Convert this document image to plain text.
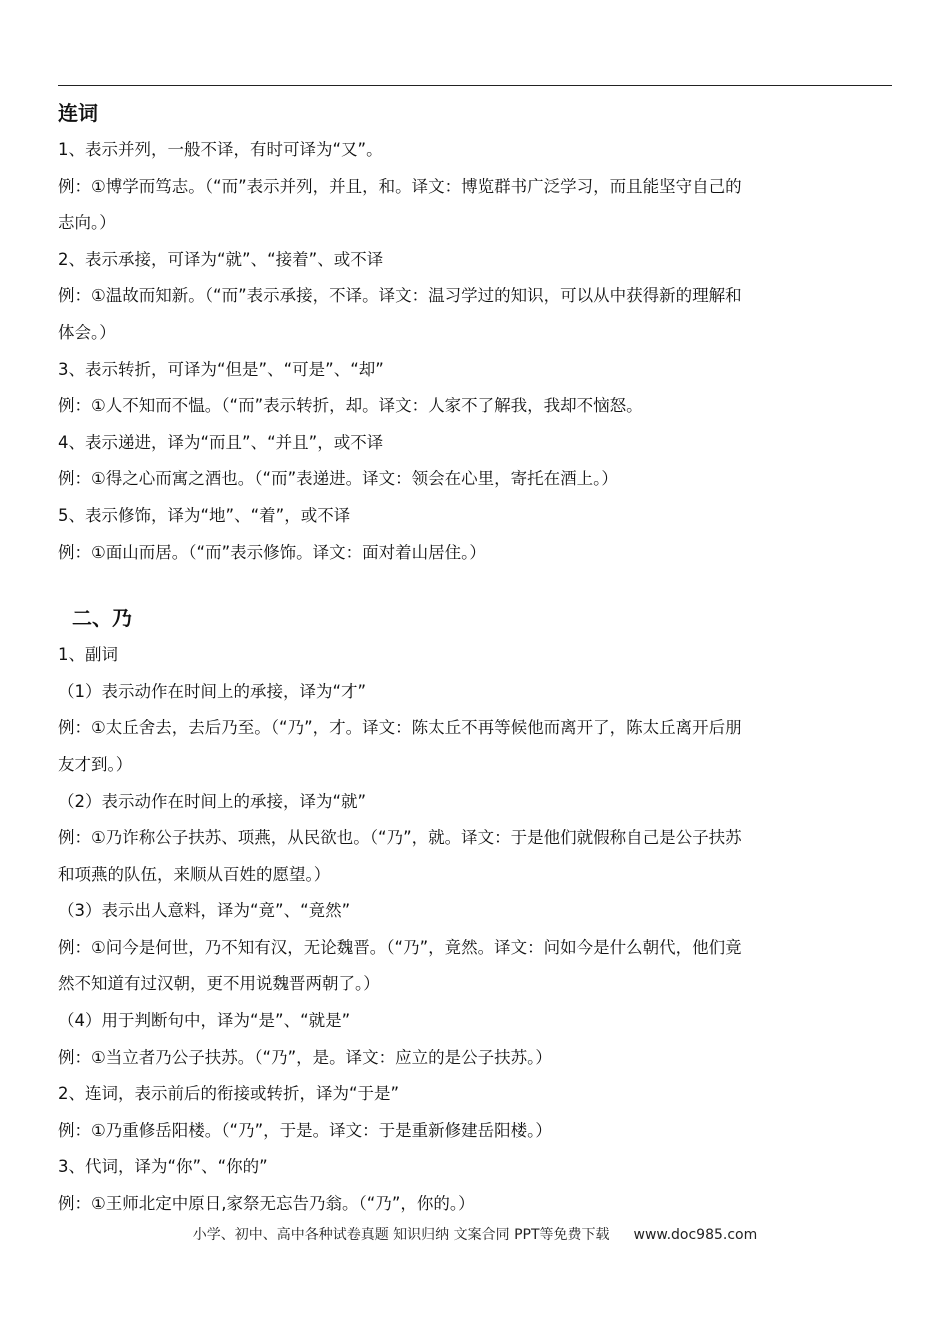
连词
1、表示并列，一般不译，有时可译为“又”。
例：①博学而笃志。（“而”表示并列，并且，和。译文：博览群书广泛学习，而且能坚守自己的
志向。）
2、表示承接，可译为“就”、“接着”、或不译
例：①温故而知新。（“而”表示承接，不译。译文：温习学过的知识，可以从中获得新的理解和
体会。）
3、表示转折，可译为“但是”、“可是”、“却”
例：①人不知而不愠。（“而”表示转折，却。译文：人家不了解我，我却不恼怒。
4、表示递进，译为“而且”、“并且”，或不译
例：①得之心而寓之酒也。（“而”表递进。译文：领会在心里，寄托在酒上。）
5、表示修饰，译为“地”、“着”，或不译
例：①面山而居。（“而”表示修饰。译文：面对着山居住。）
二、乃
1、副词
（1）表示动作在时间上的承接，译为“才”
例：①太丘舍去，去后乃至。（“乃”，才。译文：陈太丘不再等候他而离开了，陈太丘离开后朋
友才到。）
（2）表示动作在时间上的承接，译为“就”
例：①乃诈称公子扶苏、项燕，从民欲也。（“乃”，就。译文：于是他们就假称自己是公子扶苏
和项燕的队伍，来顺从百姓的愿望。）
（3）表示出人意料，译为“竟”、“竟然”
例：①问今是何世，乃不知有汉，无论魏晋。（“乃”，竟然。译文：问如今是什么朝代，他们竟
然不知道有过汉朝，更不用说魏晋两朝了。）
（4）用于判断句中，译为“是”、“就是”
例：①当立者乃公子扶苏。（“乃”，是。译文：应立的是公子扶苏。）
2、连词，表示前后的衔接或转折，译为“于是”
例：①乃重修岳阳楼。（“乃”，于是。译文：于是重新修建岳阳楼。）
3、代词，译为“你”、“你的”
例：①王师北定中原日,家祭无忘告乃翁。（“乃”，你的。）
小学、初中、高中各种试卷真题 知识归纳 文案合同 PPT等免费下载 www.doc985.com
